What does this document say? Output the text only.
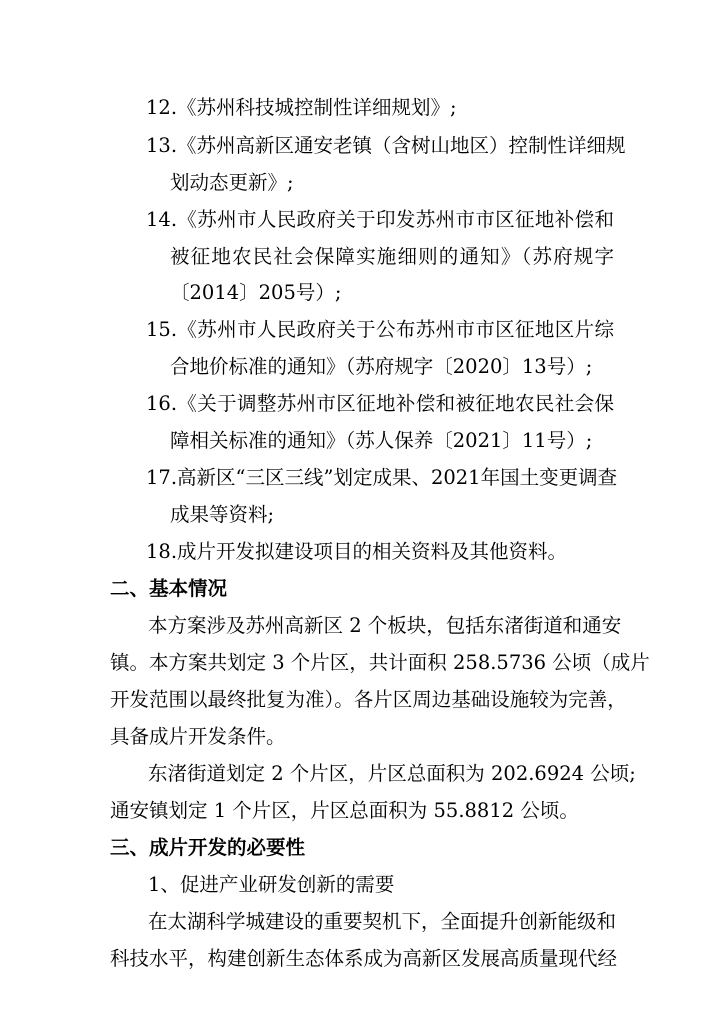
12.《苏州科技城控制性详细规划》;
13.《苏州高新区通安老镇（含树山地区）控制性详细规
划动态更新》;
14.《苏州市人民政府关于印发苏州市市区征地补偿和
被征地农民社会保障实施细则的通知》（苏府规字
〔2014〕205号）;
15.《苏州市人民政府关于公布苏州市市区征地区片综
合地价标准的通知》（苏府规字〔2020〕13号）;
16.《关于调整苏州市区征地补偿和被征地农民社会保
障相关标准的通知》（苏人保养〔2021〕11号）;
17.高新区“三区三线”划定成果、2021年国土变更调查
成果等资料;
18.成片开发拟建设项目的相关资料及其他资料。
二、基本情况
本方案涉及苏州高新区 2 个板块，包括东渚街道和通安
镇。本方案共划定 3 个片区，共计面积 258.5736 公顷（成片
开发范围以最终批复为准）。各片区周边基础设施较为完善，
具备成片开发条件。
东渚街道划定 2 个片区，片区总面积为 202.6924 公顷;
通安镇划定 1 个片区，片区总面积为 55.8812 公顷。
三、成片开发的必要性
1、促进产业研发创新的需要
在太湖科学城建设的重要契机下，全面提升创新能级和
科技水平，构建创新生态体系成为高新区发展高质量现代经
